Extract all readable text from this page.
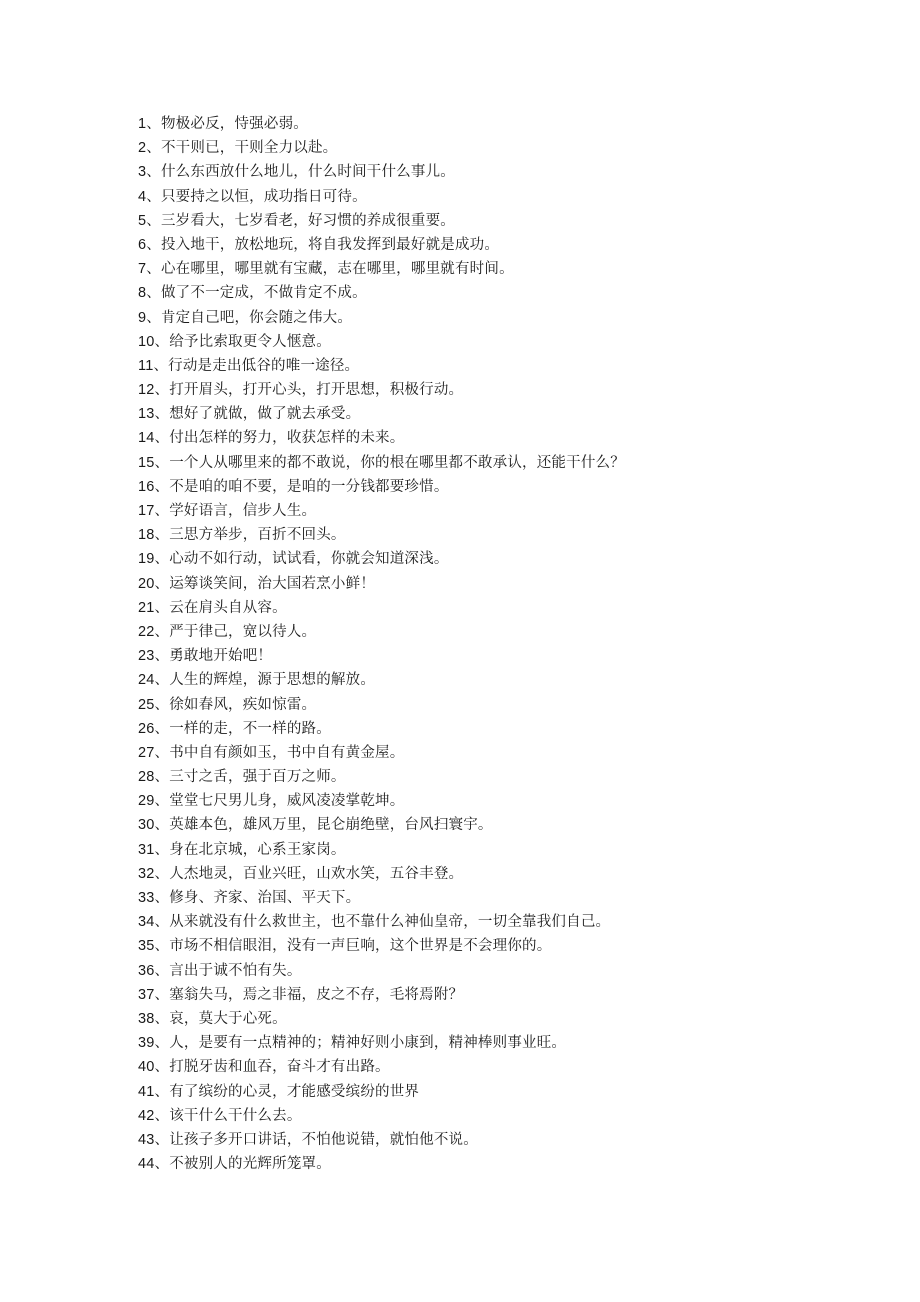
1、物极必反，恃强必弱。
2、不干则已，干则全力以赴。
3、什么东西放什么地儿，什么时间干什么事儿。
4、只要持之以恒，成功指日可待。
5、三岁看大，七岁看老，好习惯的养成很重要。
6、投入地干，放松地玩，将自我发挥到最好就是成功。
7、心在哪里，哪里就有宝藏，志在哪里，哪里就有时间。
8、做了不一定成，不做肯定不成。
9、肯定自己吧，你会随之伟大。
10、给予比索取更令人惬意。
11、行动是走出低谷的唯一途径。
12、打开眉头，打开心头，打开思想，积极行动。
13、想好了就做，做了就去承受。
14、付出怎样的努力，收获怎样的未来。
15、一个人从哪里来的都不敢说，你的根在哪里都不敢承认，还能干什么？
16、不是咱的咱不要，是咱的一分钱都要珍惜。
17、学好语言，信步人生。
18、三思方举步，百折不回头。
19、心动不如行动，试试看，你就会知道深浅。
20、运筹谈笑间，治大国若烹小鲜！
21、云在肩头自从容。
22、严于律己，宽以待人。
23、勇敢地开始吧！
24、人生的辉煌，源于思想的解放。
25、徐如春风，疾如惊雷。
26、一样的走，不一样的路。
27、书中自有颜如玉，书中自有黄金屋。
28、三寸之舌，强于百万之师。
29、堂堂七尺男儿身，威风凌凌掌乾坤。
30、英雄本色，雄风万里，昆仑崩绝壁，台风扫寰宇。
31、身在北京城，心系王家岗。
32、人杰地灵，百业兴旺，山欢水笑，五谷丰登。
33、修身、齐家、治国、平天下。
34、从来就没有什么救世主，也不靠什么神仙皇帝，一切全靠我们自己。
35、市场不相信眼泪，没有一声巨响，这个世界是不会理你的。
36、言出于诚不怕有失。
37、塞翁失马，焉之非福，皮之不存，毛将焉附？
38、哀，莫大于心死。
39、人，是要有一点精神的；精神好则小康到，精神棒则事业旺。
40、打脱牙齿和血吞，奋斗才有出路。
41、有了缤纷的心灵，才能感受缤纷的世界
42、该干什么干什么去。
43、让孩子多开口讲话，不怕他说错，就怕他不说。
44、不被别人的光辉所笼罩。
